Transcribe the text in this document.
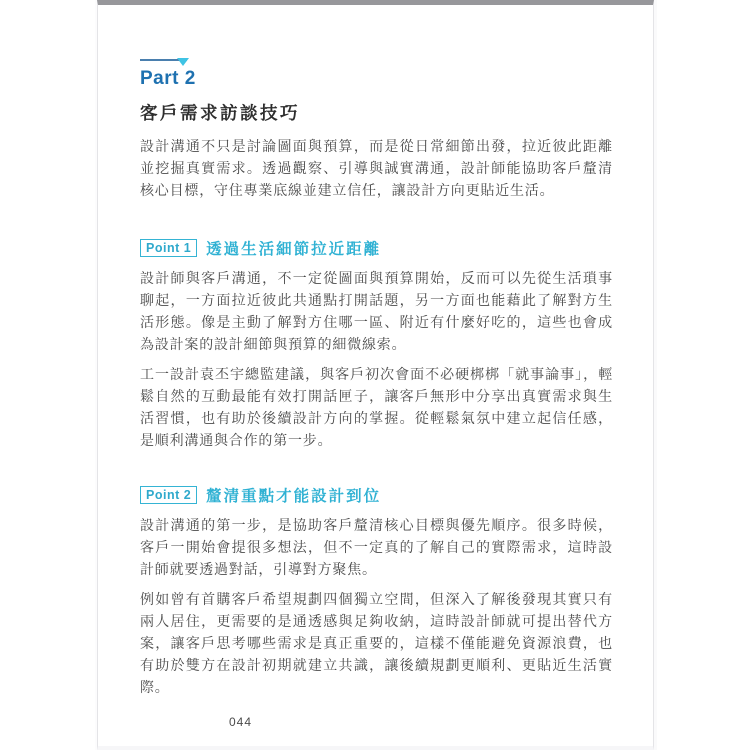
Part 2
客戶需求訪談技巧
設計溝通不只是討論圖面與預算，而是從日常細節出發，拉近彼此距離並挖掘真實需求。透過觀察、引導與誠實溝通，設計師能協助客戶釐清核心目標，守住專業底線並建立信任，讓設計方向更貼近生活。
Point 1 透過生活細節拉近距離
設計師與客戶溝通，不一定從圖面與預算開始，反而可以先從生活瑣事聊起，一方面拉近彼此共通點打開話題，另一方面也能藉此了解對方生活形態。像是主動了解對方住哪一區、附近有什麼好吃的，這些也會成為設計案的設計細節與預算的細微線索。
工一設計袁丕宇總監建議，與客戶初次會面不必硬梆梆「就事論事」，輕鬆自然的互動最能有效打開話匣子，讓客戶無形中分享出真實需求與生活習慣，也有助於後續設計方向的掌握。從輕鬆氣氛中建立起信任感，是順利溝通與合作的第一步。
Point 2 釐清重點才能設計到位
設計溝通的第一步，是協助客戶釐清核心目標與優先順序。很多時候，客戶一開始會提很多想法，但不一定真的了解自己的實際需求，這時設計師就要透過對話，引導對方聚焦。
例如曾有首購客戶希望規劃四個獨立空間，但深入了解後發現其實只有兩人居住，更需要的是通透感與足夠收納，這時設計師就可提出替代方案，讓客戶思考哪些需求是真正重要的，這樣不僅能避免資源浪費，也有助於雙方在設計初期就建立共識，讓後續規劃更順利、更貼近生活實際。
044
